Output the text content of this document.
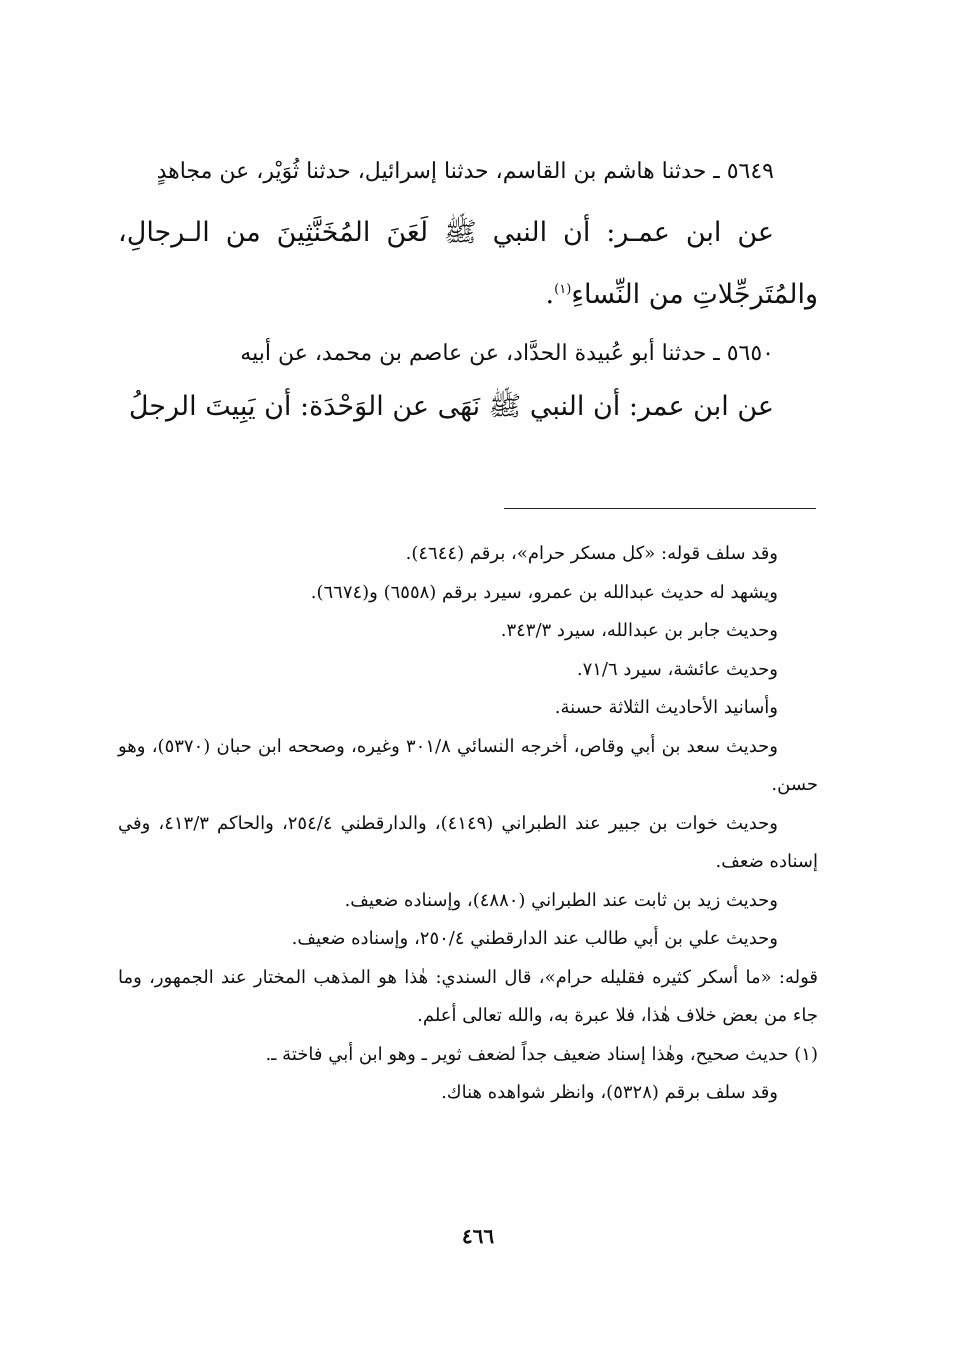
٥٦٤٩ ـ حدثنا هاشم بن القاسم، حدثنا إسرائيل، حدثنا ثُوَيْر، عن مجاهدٍ

عن ابن عمـر: أن النبي ﷺ لَعَنَ المُخَنَّثِينَ من الـرجالِ، والمُتَرجِّلاتِ من النِّساءِ$^{(١)}$.

٥٦٥٠ ـ حدثنا أبو عُبيدة الحدَّاد، عن عاصم بن محمد، عن أبيه

عن ابن عمر: أن النبي ﷺ نَهَى عن الوَحْدَة: أن يَبِيتَ الرجلُ

وقد سلف قوله: «كل مسكر حرام»، برقم (٤٦٤٤).

ويشهد له حديث عبدالله بن عمرو، سيرد برقم (٦٥٥٨) و(٦٦٧٤).

وحديث جابر بن عبدالله، سيرد ٣٤٣/٣.

وحديث عائشة، سيرد ٧١/٦.

وأسانيد الأحاديث الثلاثة حسنة.

وحديث سعد بن أبي وقاص، أخرجه النسائي ٣٠١/٨ وغيره، وصححه ابن حبان (٥٣٧٠)، وهو حسن.

وحديث خوات بن جبير عند الطبراني (٤١٤٩)، والدارقطني ٢٥٤/٤، والحاكم ٤١٣/٣، وفي إسناده ضعف.

وحديث زيد بن ثابت عند الطبراني (٤٨٨٠)، وإسناده ضعيف.

وحديث علي بن أبي طالب عند الدارقطني ٢٥٠/٤، وإسناده ضعيف.

قوله: «ما أسكر كثيره فقليله حرام»، قال السندي: هٰذا هو المذهب المختار عند الجمهور، وما جاء من بعض خلاف هٰذا، فلا عبرة به، والله تعالى أعلم.

(١) حديث صحيح، وهٰذا إسناد ضعيف جداً لضعف ثوير ـ وهو ابن أبي فاختة ـ.

وقد سلف برقم (٥٣٢٨)، وانظر شواهده هناك.

٤٦٦
